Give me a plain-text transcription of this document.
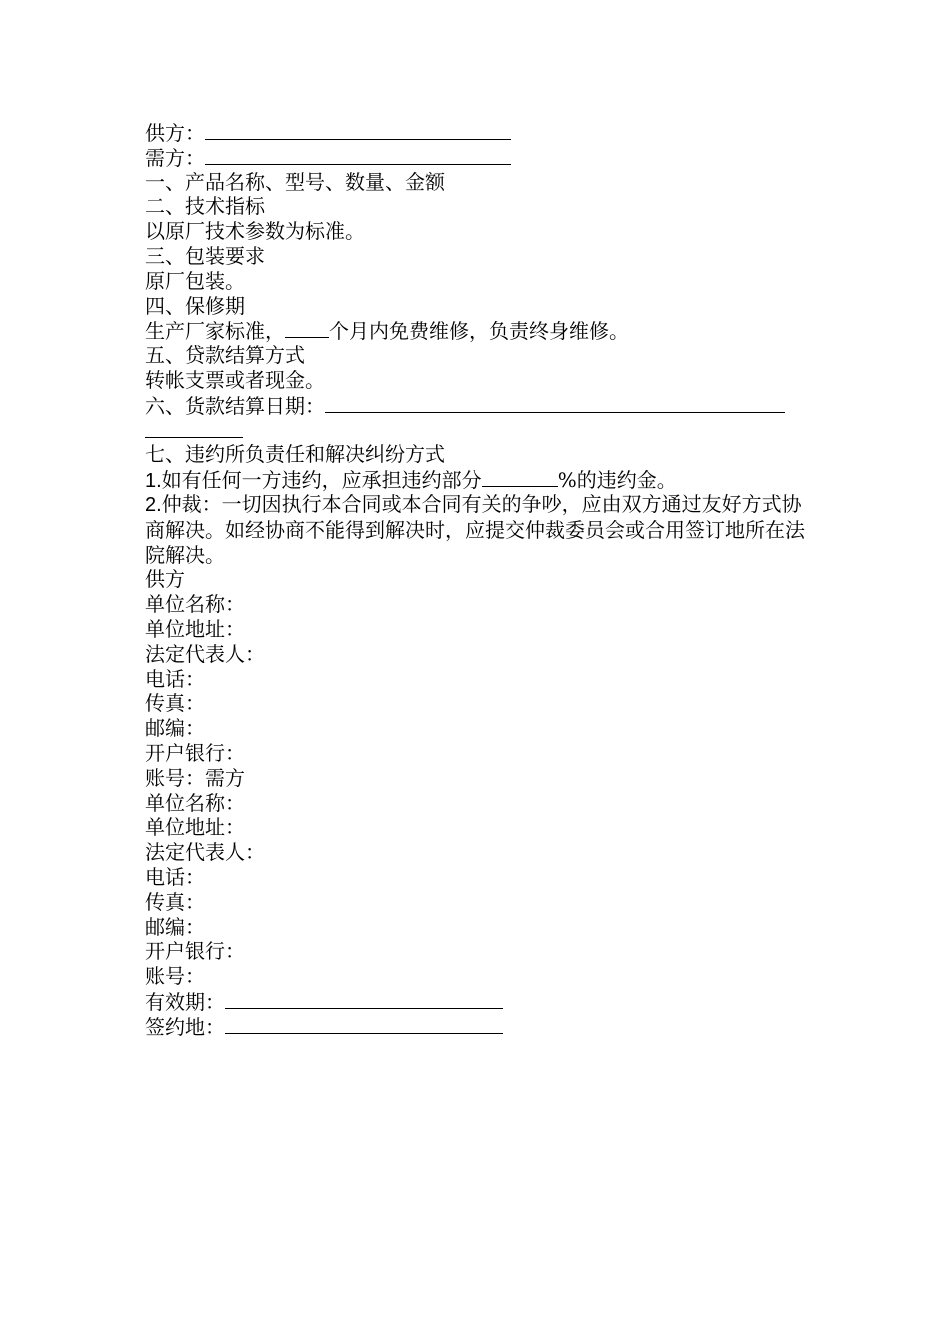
供方：
需方：
一、产品名称、型号、数量、金额
二、技术指标
以原厂技术参数为标准。
三、包装要求
原厂包装。
四、保修期
生产厂家标准， 个月内免费维修，负责终身维修。
五、贷款结算方式
转帐支票或者现金。
六、货款结算日期：
七、违约所负责任和解决纠纷方式
1.如有任何一方违约，应承担违约部分	%的违约金。
2.仲裁：一切因执行本合同或本合同有关的争吵，应由双方通过友好方式协商解决。如经协商不能得到解决时，应提交仲裁委员会或合用签订地所在法院解决。
供方
单位名称：
单位地址：
法定代表人：
电话：
传真：
邮编：
开户银行：
账号：需方
单位名称：
单位地址：
法定代表人：
电话：
传真：
邮编：
开户银行：
账号：
有效期：
签约地：
